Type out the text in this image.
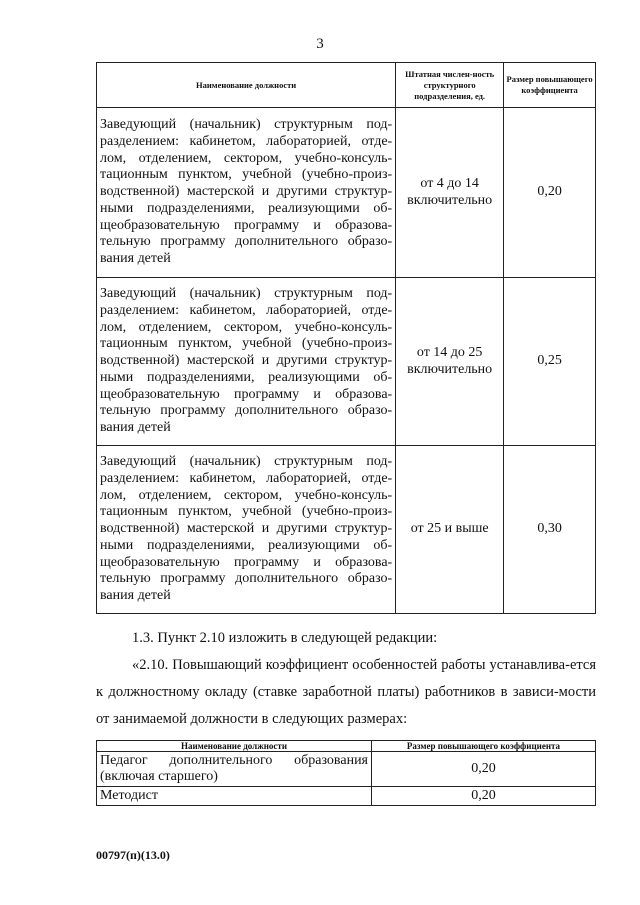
3
Наименование должности	Штатная числен-ность структурного подразделения, ед.	Размер повышающего коэффициента
Заведующий (начальник) структурным под-разделением: кабинетом, лабораторией, отде-лом, отделением, сектором, учебно-консуль-тационным пунктом, учебной (учебно-произ-водственной) мастерской и другими структур-ными подразделениями, реализующими об-щеобразовательную программу и образова-тельную программу дополнительного образо-вания детей	от 4 до 14 включительно	0,20
Заведующий (начальник) структурным под-разделением: кабинетом, лабораторией, отде-лом, отделением, сектором, учебно-консуль-тационным пунктом, учебной (учебно-произ-водственной) мастерской и другими структур-ными подразделениями, реализующими об-щеобразовательную программу и образова-тельную программу дополнительного образо-вания детей	от 14 до 25 включительно	0,25
Заведующий (начальник) структурным под-разделением: кабинетом, лабораторией, отде-лом, отделением, сектором, учебно-консуль-тационным пунктом, учебной (учебно-произ-водственной) мастерской и другими структур-ными подразделениями, реализующими об-щеобразовательную программу и образова-тельную программу дополнительного образо-вания детей	от 25 и выше	0,30
1.3. Пункт 2.10 изложить в следующей редакции:
«2.10. Повышающий коэффициент особенностей работы устанавлива-ется к должностному окладу (ставке заработной платы) работников в зависи-мости от занимаемой должности в следующих размерах:
Наименование должности	Размер повышающего коэффициента
Педагог дополнительного образования (включая старшего)	0,20
Методист	0,20
00797(п)(13.0)
